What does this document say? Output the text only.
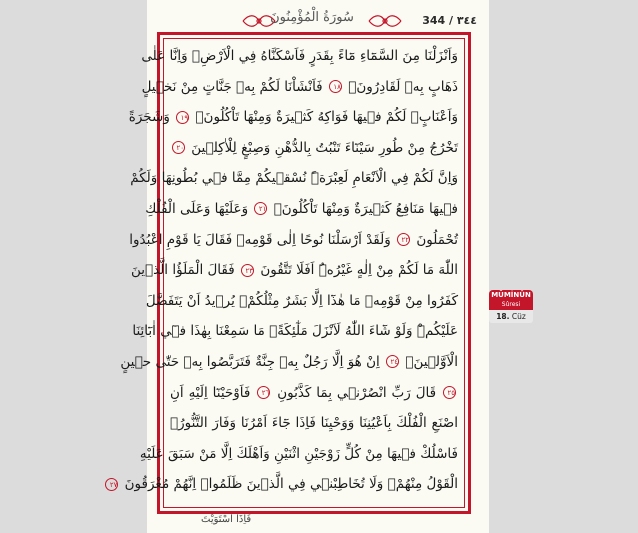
سُورَةُ الْمُؤْمِنُونَ	344 / ٣٤٤
وَاَنْزَلْنَا مِنَ السَّمَٓاءِ مَٓاءً بِقَدَرٍ فَاَسْكَنَّاهُ فِي الْاَرْضِۗ وَاِنَّا عَلٰى
ذَهَابٍ بِه۪ لَقَادِرُونَۚ ١٨ فَاَنْشَاْنَا لَكُمْ بِه۪ جَنَّاتٍ مِنْ نَخ۪يلٍ
وَاَعْنَابٍۢ لَكُمْ ف۪يهَا فَوَاكِهُ كَث۪يرَةٌ وَمِنْهَا تَاْكُلُونَۙ ١٩ وَشَجَرَةً
تَخْرُجُ مِنْ طُورِ سَيْنَٓاءَ تَنْبُتُ بِالدُّهْنِ وَصِبْغٍ لِلْاٰكِل۪ينَ ٢٠
وَاِنَّ لَكُمْ فِي الْاَنْعَامِ لَعِبْرَةًۜ نُسْق۪يكُمْ مِمَّا ف۪ي بُطُونِهَا وَلَكُمْ
ف۪يهَا مَنَافِعُ كَث۪يرَةٌ وَمِنْهَا تَاْكُلُونَۙ ٢١ وَعَلَيْهَا وَعَلَى الْفُلْكِ
تُحْمَلُونَ ٢٢ وَلَقَدْ اَرْسَلْنَا نُوحًا اِلٰى قَوْمِه۪ فَقَالَ يَا قَوْمِ اعْبُدُوا
اللّٰهَ مَا لَكُمْ مِنْ اِلٰهٍ غَيْرُهُۜ اَفَلَا تَتَّقُونَ ٢٣ فَقَالَ الْمَلَؤُا الَّذ۪ينَ
كَفَرُوا مِنْ قَوْمِه۪ مَا هٰذَٓا اِلَّا بَشَرٌ مِثْلُكُمْۙ يُر۪يدُ اَنْ يَتَفَضَّلَ
عَلَيْكُمْۜ وَلَوْ شَٓاءَ اللّٰهُ لَاَنْزَلَ مَلٰٓئِكَةًۚ مَا سَمِعْنَا بِهٰذَا ف۪ٓي اٰبَٓائِنَا
الْاَوَّل۪ينَۚ ٢٤ اِنْ هُوَ اِلَّا رَجُلٌ بِه۪ جِنَّةٌ فَتَرَبَّصُوا بِه۪ حَتّٰى ح۪ينٍ
٢٥ قَالَ رَبِّ انْصُرْن۪ي بِمَا كَذَّبُونِ ٢٦ فَاَوْحَيْنَٓا اِلَيْهِ اَنِ
اصْنَعِ الْفُلْكَ بِاَعْيُنِنَا وَوَحْيِنَا فَاِذَا جَٓاءَ اَمْرُنَا وَفَارَ التَّنُّورُۙ
فَاسْلُكْ ف۪يهَا مِنْ كُلٍّ زَوْجَيْنِ اثْنَيْنِ وَاَهْلَكَ اِلَّا مَنْ سَبَقَ عَلَيْهِ
الْقَوْلُ مِنْهُمْۚ وَلَا تُخَاطِبْن۪ي فِي الَّذ۪ينَ ظَلَمُواۚ اِنَّهُمْ مُغْرَقُونَ ٢٧
فَاِذَا اسْتَوَيْتَ
MÜMİNÛN
Sûresi
18. Cüz
